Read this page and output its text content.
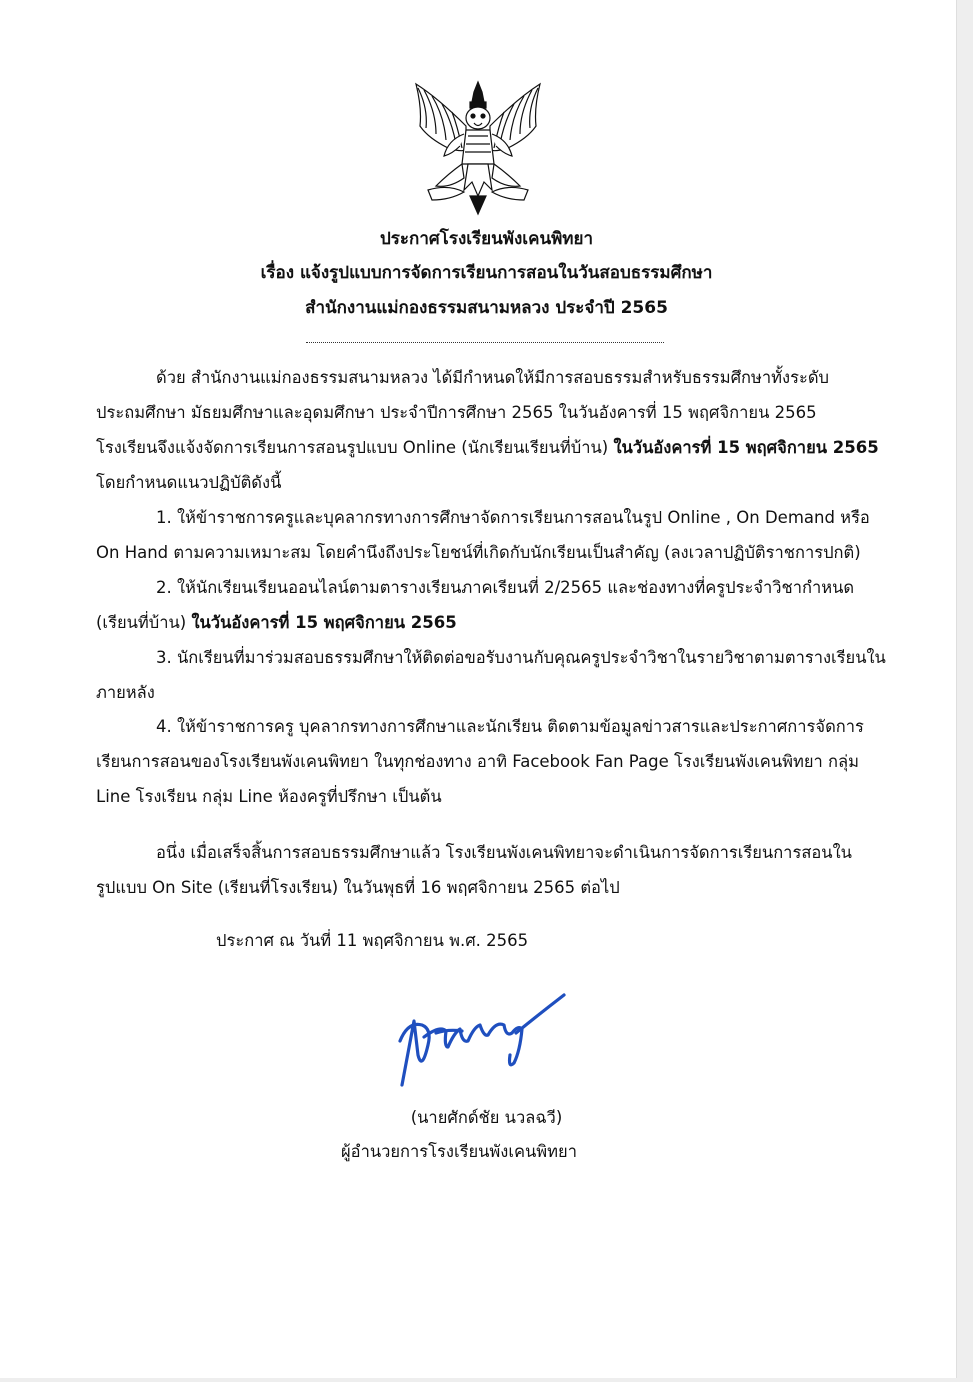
ประกาศโรงเรียนพังเคนพิทยา
เรื่อง แจ้งรูปแบบการจัดการเรียนการสอนในวันสอบธรรมศึกษา
สำนักงานแม่กองธรรมสนามหลวง ประจำปี 2565
ด้วย สำนักงานแม่กองธรรมสนามหลวง ได้มีกำหนดให้มีการสอบธรรมสำหรับธรรมศึกษาทั้งระดับ
ประถมศึกษา มัธยมศึกษาและอุดมศึกษา ประจำปีการศึกษา 2565 ในวันอังคารที่ 15 พฤศจิกายน 2565
โรงเรียนจึงแจ้งจัดการเรียนการสอนรูปแบบ Online (นักเรียนเรียนที่บ้าน) ในวันอังคารที่ 15 พฤศจิกายน 2565
โดยกำหนดแนวปฏิบัติดังนี้
1. ให้ข้าราชการครูและบุคลากรทางการศึกษาจัดการเรียนการสอนในรูป Online , On Demand หรือ
On Hand ตามความเหมาะสม โดยคำนึงถึงประโยชน์ที่เกิดกับนักเรียนเป็นสำคัญ (ลงเวลาปฏิบัติราชการปกติ)
2. ให้นักเรียนเรียนออนไลน์ตามตารางเรียนภาคเรียนที่ 2/2565 และช่องทางที่ครูประจำวิชากำหนด
(เรียนที่บ้าน) ในวันอังคารที่ 15 พฤศจิกายน 2565
3. นักเรียนที่มาร่วมสอบธรรมศึกษาให้ติดต่อขอรับงานกับคุณครูประจำวิชาในรายวิชาตามตารางเรียนใน
ภายหลัง
4. ให้ข้าราชการครู บุคลากรทางการศึกษาและนักเรียน ติดตามข้อมูลข่าวสารและประกาศการจัดการ
เรียนการสอนของโรงเรียนพังเคนพิทยา ในทุกช่องทาง อาทิ Facebook Fan Page โรงเรียนพังเคนพิทยา กลุ่ม
Line โรงเรียน กลุ่ม Line ห้องครูที่ปรึกษา เป็นต้น
อนึ่ง เมื่อเสร็จสิ้นการสอบธรรมศึกษาแล้ว โรงเรียนพังเคนพิทยาจะดำเนินการจัดการเรียนการสอนใน
รูปแบบ On Site (เรียนที่โรงเรียน) ในวันพุธที่ 16 พฤศจิกายน 2565 ต่อไป
ประกาศ ณ วันที่ 11 พฤศจิกายน พ.ศ. 2565
(นายศักด์ชัย นวลฉวี)
ผู้อำนวยการโรงเรียนพังเคนพิทยา
